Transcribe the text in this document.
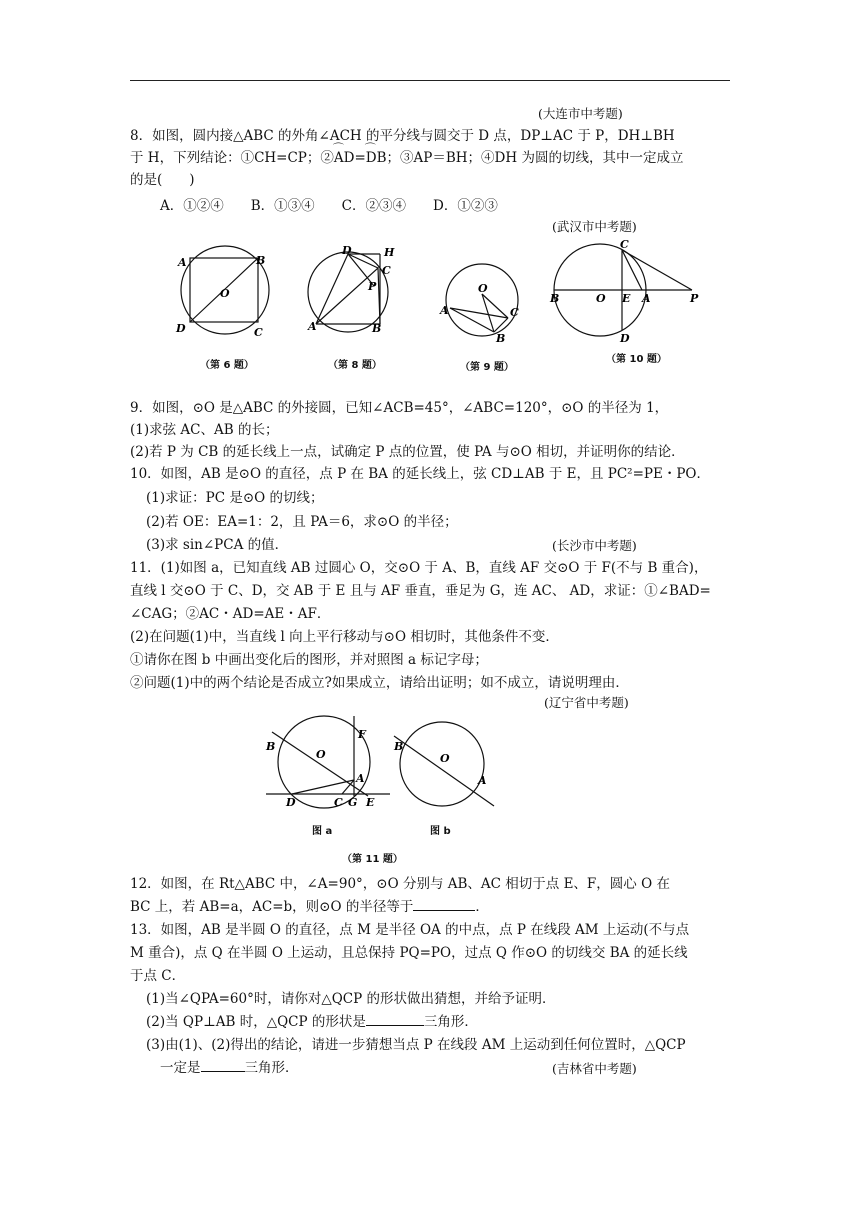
(大连市中考题)
8．如图，圆内接△ABC 的外角∠ACH 的平分线与圆交于 D 点，DP⊥AC 于 P，DH⊥BH
于 H，下列结论：①CH=CP；②⌒ AD=⌒ DB；③AP＝BH；④DH 为圆的切线，其中一定成立
的是(　　)
A．①②④　　B．①③④　　C．②③④　　D．①②③
(武汉市中考题)
A	B
O
D	C
（第 6 题）
D	H
C
P
A	B
（第 8 题）
O
C
A
B
（第 9 题）
C
B	O E A	P
D
（第 10 题）
9．如图，⊙O 是△ABC 的外接圆，已知∠ACB=45°，∠ABC=120°，⊙O 的半径为 1，
(1)求弦 AC、AB 的长；
(2)若 P 为 CB 的延长线上一点，试确定 P 点的位置，使 PA 与⊙O 相切，并证明你的结论．
10．如图，AB 是⊙O 的直径，点 P 在 BA 的延长线上，弦 CD⊥AB 于 E，且 PC²=PE・PO．
(1)求证：PC 是⊙O 的切线；
(2)若 OE：EA=1：2，且 PA＝6，求⊙O 的半径；
(3)求 sin∠PCA 的值．	(长沙市中考题)
11．(1)如图 a，已知直线 AB 过圆心 O，交⊙O 于 A、B，直线 AF 交⊙O 于 F(不与 B 重合)，
直线 l 交⊙O 于 C、D，交 AB 于 E 且与 AF 垂直，垂足为 G，连 AC、 AD，求证：①∠BAD=
∠CAG；②AC・AD=AE・AF．
(2)在问题(1)中，当直线 l 向上平行移动与⊙O 相切时，其他条件不变．
①请你在图 b 中画出变化后的图形，并对照图 a 标记字母；
②问题(1)中的两个结论是否成立?如果成立，请给出证明；如不成立，请说明理由．
(辽宁省中考题)
F
B
O
A
D	C G E
图 a
B
O
A
图 b
（第 11 题）
12．如图，在 Rt△ABC 中，∠A=90°，⊙O 分别与 AB、AC 相切于点 E、F，圆心 O 在
BC 上，若 AB=a，AC=b，则⊙O 的半径等于	．
13．如图，AB 是半圆 O 的直径，点 M 是半径 OA 的中点，点 P 在线段 AM 上运动(不与点
M 重合)，点 Q 在半圆 O 上运动，且总保持 PQ=PO，过点 Q 作⊙O 的切线交 BA 的延长线
于点 C．
(1)当∠QPA=60°时，请你对△QCP 的形状做出猜想，并给予证明．
(2)当 QP⊥AB 时，△QCP 的形状是	三角形．
(3)由(1)、(2)得出的结论，请进一步猜想当点 P 在线段 AM 上运动到任何位置时，△QCP
一定是	三角形．	(吉林省中考题)
